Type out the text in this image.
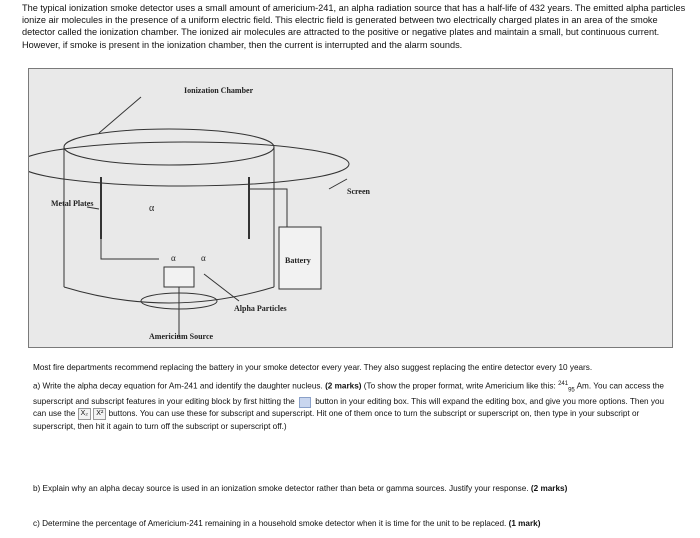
The typical ionization smoke detector uses a small amount of americium-241, an alpha radiation source that has a half-life of 432 years. The emitted alpha particles ionize air molecules in the presence of a uniform electric field. This electric field is generated between two electrically charged plates in an area of the smoke detector called the ionization chamber. The ionized air molecules are attracted to the positive or negative plates and maintain a small, but continuous current. However, if smoke is present in the ionization chamber, then the current is interrupted and the alarm sounds.

Ionization Chamber
Screen
Metal Plates
Battery
Alpha Particles
Americium Source
α
α	α

Most fire departments recommend replacing the battery in your smoke detector every year. They also suggest replacing the entire detector every 10 years.

a) Write the alpha decay equation for Am-241 and identify the daughter nucleus. (2 marks) (To show the proper format, write Americium like this: $^{241}_{95}$ Am. You can access the superscript and subscript features in your editing block by first hitting the	button in your editing box. This will expand the editing box, and give you more options. Then you can use the X₂ X² buttons. You can use these for subscript and superscript. Hit one of them once to turn the subscript or superscript on, then type in your subscript or superscript, then hit it again to turn off the subscript or superscript off.)

b) Explain why an alpha decay source is used in an ionization smoke detector rather than beta or gamma sources. Justify your response. (2 marks)

c) Determine the percentage of Americium-241 remaining in a household smoke detector when it is time for the unit to be replaced. (1 mark)
